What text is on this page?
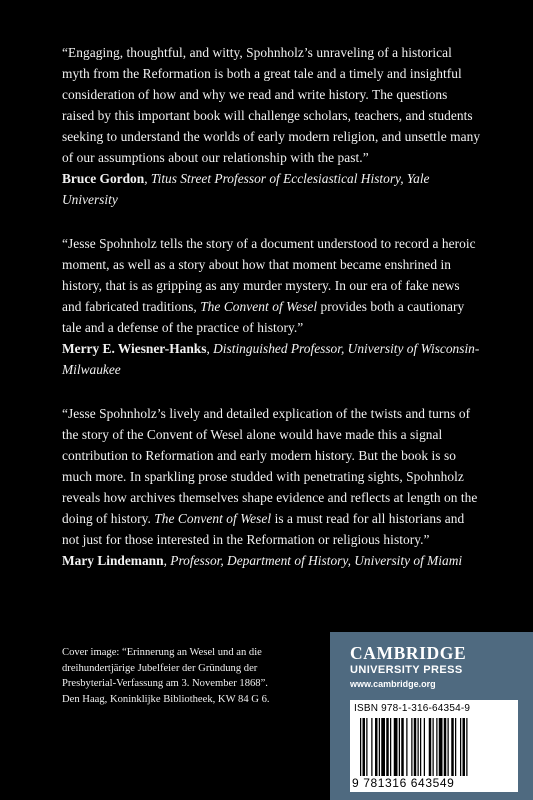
“Engaging, thoughtful, and witty, Spohnholz’s unraveling of a historical myth from the Reformation is both a great tale and a timely and insightful consideration of how and why we read and write history. The questions raised by this important book will challenge scholars, teachers, and students seeking to understand the worlds of early modern religion, and unsettle many of our assumptions about our relationship with the past.”

Bruce Gordon, Titus Street Professor of Ecclesiastical History, Yale University

“Jesse Spohnholz tells the story of a document understood to record a heroic moment, as well as a story about how that moment became enshrined in history, that is as gripping as any murder mystery. In our era of fake news and fabricated traditions, The Convent of Wesel provides both a cautionary tale and a defense of the practice of history.”

Merry E. Wiesner-Hanks, Distinguished Professor, University of Wisconsin-Milwaukee

“Jesse Spohnholz’s lively and detailed explication of the twists and turns of the story of the Convent of Wesel alone would have made this a signal contribution to Reformation and early modern history. But the book is so much more. In sparkling prose studded with penetrating sights, Spohnholz reveals how archives themselves shape evidence and reflects at length on the doing of history. The Convent of Wesel is a must read for all historians and not just for those interested in the Reformation or religious history.”

Mary Lindemann, Professor, Department of History, University of Miami

Cover image: “Erinnerung an Wesel und an die
dreihundertjärige Jubelfeier der Gründung der
Presbyterial-Verfassung am 3. November 1868”.
Den Haag, Koninklijke Bibliotheek, KW 84 G 6.
CAMBRIDGE
UNIVERSITY PRESS
www.cambridge.org
ISBN 978-1-316-64354-9
9 781316 643549
